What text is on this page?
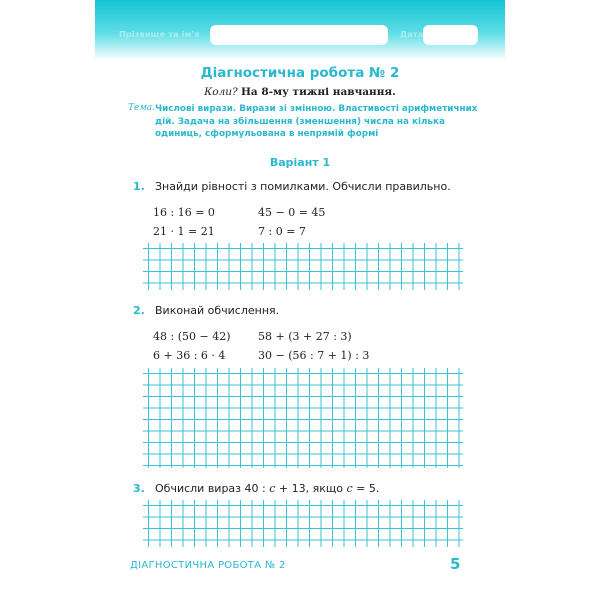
Прізвище та ім'я	Дата
Діагностична робота № 2
Коли? На 8-му тижні навчання.
Тема. Числові вирази. Вирази зі змінною. Властивості арифметичних дій. Задача на збільшення (зменшення) числа на кілька одиниць, сформульована в непрямій формі
Варіант 1
1. Знайди рівності з помилками. Обчисли правильно.
16 : 16 = 0	45 − 0 = 45
21 · 1 = 21	7 : 0 = 7
2. Виконай обчислення.
48 : (50 − 42)	58 + (3 + 27 : 3)
6 + 36 : 6 · 4	30 − (56 : 7 + 1) : 3
3. Обчисли вираз 40 : c + 13, якщо c = 5.
ДІАГНОСТИЧНА РОБОТА № 2	5
